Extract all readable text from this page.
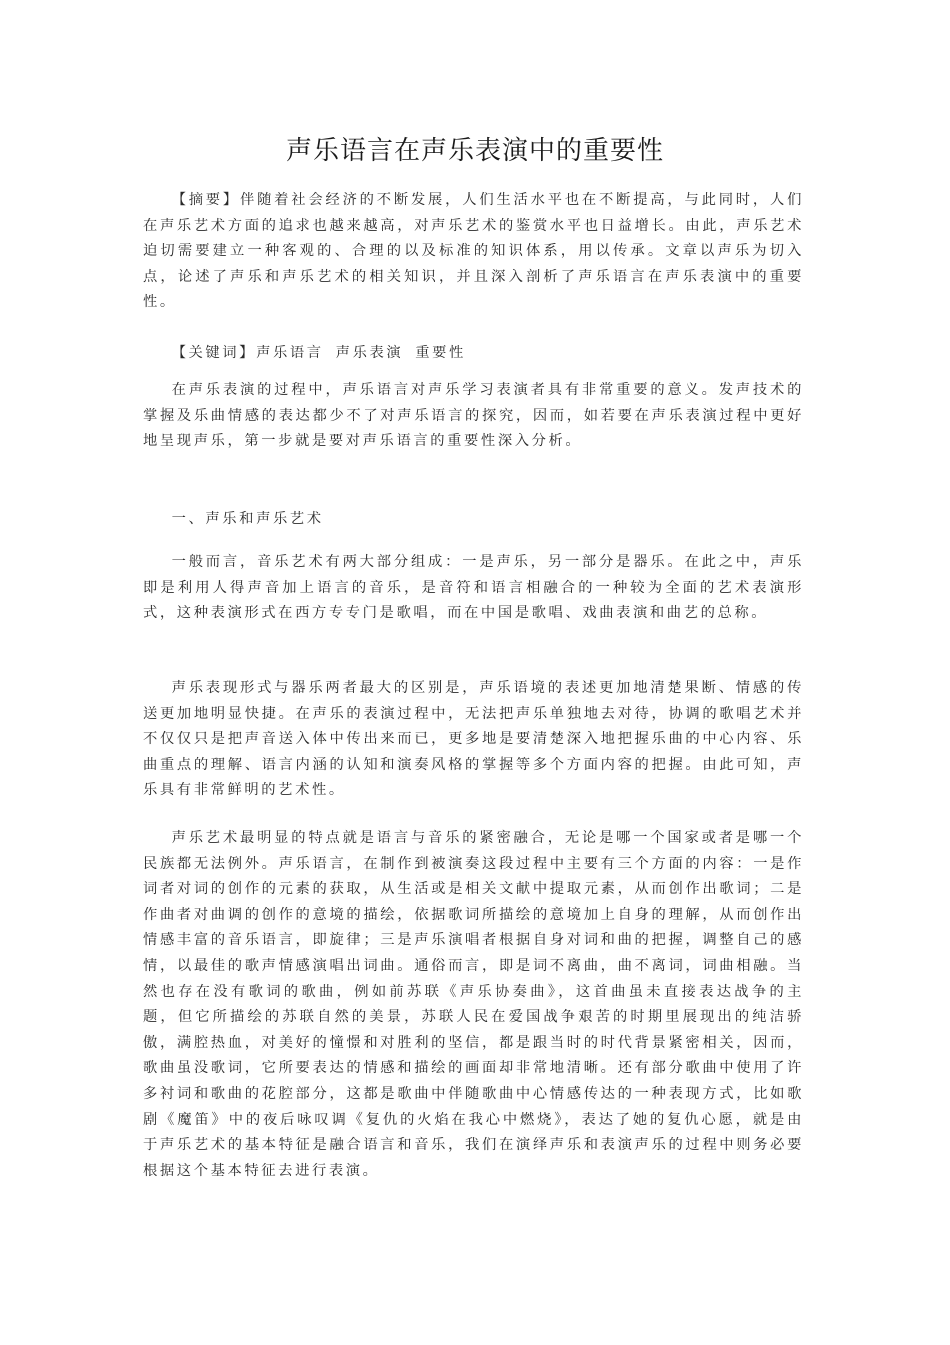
声乐语言在声乐表演中的重要性

【摘要】伴随着社会经济的不断发展，人们生活水平也在不断提高，与此同时，人们在声乐艺术方面的追求也越来越高，对声乐艺术的鉴赏水平也日益增长。由此，声乐艺术迫切需要建立一种客观的、合理的以及标准的知识体系，用以传承。文章以声乐为切入点，论述了声乐和声乐艺术的相关知识，并且深入剖析了声乐语言在声乐表演中的重要性。

【关键词】声乐语言 声乐表演 重要性

在声乐表演的过程中，声乐语言对声乐学习表演者具有非常重要的意义。发声技术的掌握及乐曲情感的表达都少不了对声乐语言的探究，因而，如若要在声乐表演过程中更好地呈现声乐，第一步就是要对声乐语言的重要性深入分析。

一、声乐和声乐艺术

一般而言，音乐艺术有两大部分组成：一是声乐，另一部分是器乐。在此之中，声乐即是利用人得声音加上语言的音乐，是音符和语言相融合的一种较为全面的艺术表演形式，这种表演形式在西方专专门是歌唱，而在中国是歌唱、戏曲表演和曲艺的总称。

声乐表现形式与器乐两者最大的区别是，声乐语境的表述更加地清楚果断、情感的传送更加地明显快捷。在声乐的表演过程中，无法把声乐单独地去对待，协调的歌唱艺术并不仅仅只是把声音送入体中传出来而已，更多地是要清楚深入地把握乐曲的中心内容、乐曲重点的理解、语言内涵的认知和演奏风格的掌握等多个方面内容的把握。由此可知，声乐具有非常鲜明的艺术性。

声乐艺术最明显的特点就是语言与音乐的紧密融合，无论是哪一个国家或者是哪一个民族都无法例外。声乐语言，在制作到被演奏这段过程中主要有三个方面的内容：一是作词者对词的创作的元素的获取，从生活或是相关文献中提取元素，从而创作出歌词；二是作曲者对曲调的创作的意境的描绘，依据歌词所描绘的意境加上自身的理解，从而创作出情感丰富的音乐语言，即旋律；三是声乐演唱者根据自身对词和曲的把握，调整自己的感情，以最佳的歌声情感演唱出词曲。通俗而言，即是词不离曲，曲不离词，词曲相融。当然也存在没有歌词的歌曲，例如前苏联《声乐协奏曲》，这首曲虽未直接表达战争的主题，但它所描绘的苏联自然的美景，苏联人民在爱国战争艰苦的时期里展现出的纯洁骄傲，满腔热血，对美好的憧憬和对胜利的坚信，都是跟当时的时代背景紧密相关，因而，歌曲虽没歌词，它所要表达的情感和描绘的画面却非常地清晰。还有部分歌曲中使用了许多衬词和歌曲的花腔部分，这都是歌曲中伴随歌曲中心情感传达的一种表现方式，比如歌剧《魔笛》中的夜后咏叹调《复仇的火焰在我心中燃烧》，表达了她的复仇心愿，就是由于声乐艺术的基本特征是融合语言和音乐，我们在演绎声乐和表演声乐的过程中则务必要根据这个基本特征去进行表演。
